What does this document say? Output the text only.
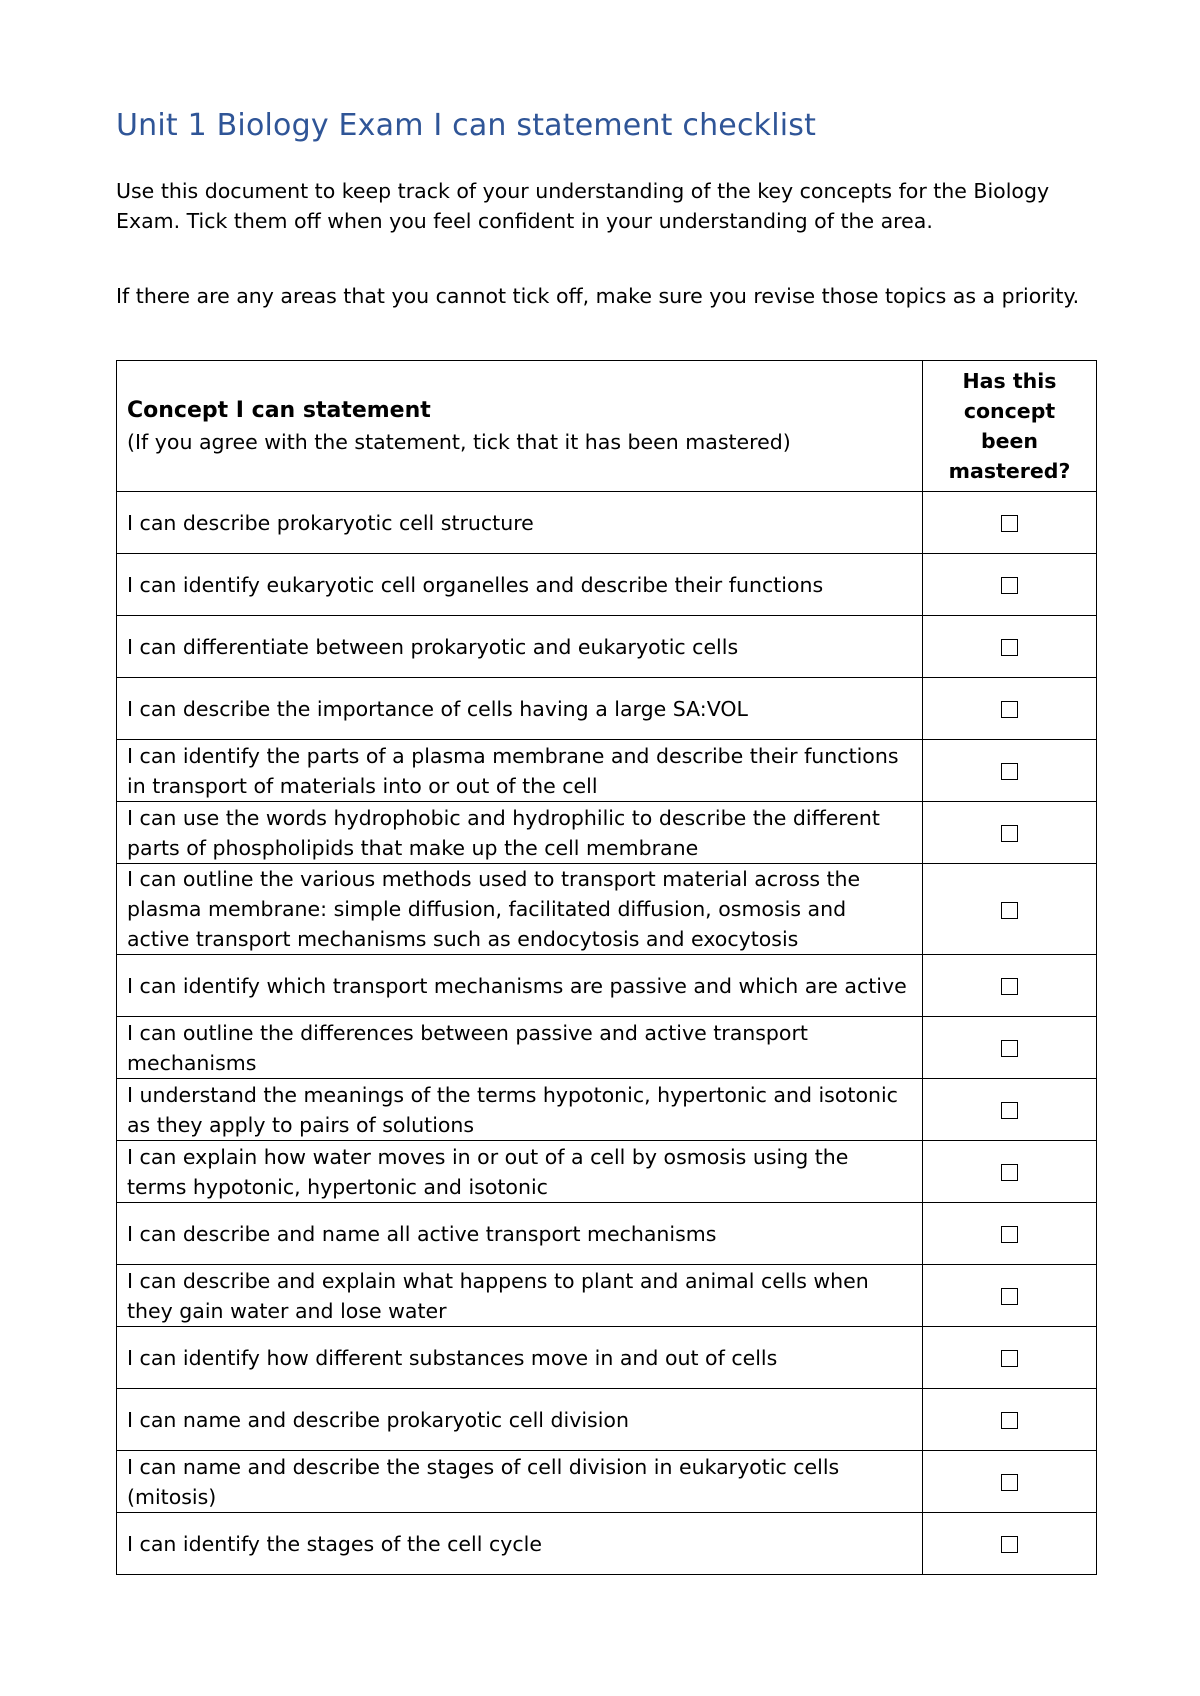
Unit 1 Biology Exam I can statement checklist

Use this document to keep track of your understanding of the key concepts for the Biology Exam. Tick them off when you feel confident in your understanding of the area.

If there are any areas that you cannot tick off, make sure you revise those topics as a priority.

Concept I can statement
(If you agree with the statement, tick that it has been mastered)	Has this concept been mastered?
I can describe prokaryotic cell structure	
I can identify eukaryotic cell organelles and describe their functions	
I can differentiate between prokaryotic and eukaryotic cells	
I can describe the importance of cells having a large SA:VOL	
I can identify the parts of a plasma membrane and describe their functions in transport of materials into or out of the cell	
I can use the words hydrophobic and hydrophilic to describe the different parts of phospholipids that make up the cell membrane	
I can outline the various methods used to transport material across the plasma membrane: simple diffusion, facilitated diffusion, osmosis and active transport mechanisms such as endocytosis and exocytosis	
I can identify which transport mechanisms are passive and which are active	
I can outline the differences between passive and active transport mechanisms	
I understand the meanings of the terms hypotonic, hypertonic and isotonic as they apply to pairs of solutions	
I can explain how water moves in or out of a cell by osmosis using the terms hypotonic, hypertonic and isotonic	
I can describe and name all active transport mechanisms	
I can describe and explain what happens to plant and animal cells when they gain water and lose water	
I can identify how different substances move in and out of cells	
I can name and describe prokaryotic cell division	
I can name and describe the stages of cell division in eukaryotic cells (mitosis)	
I can identify the stages of the cell cycle	
